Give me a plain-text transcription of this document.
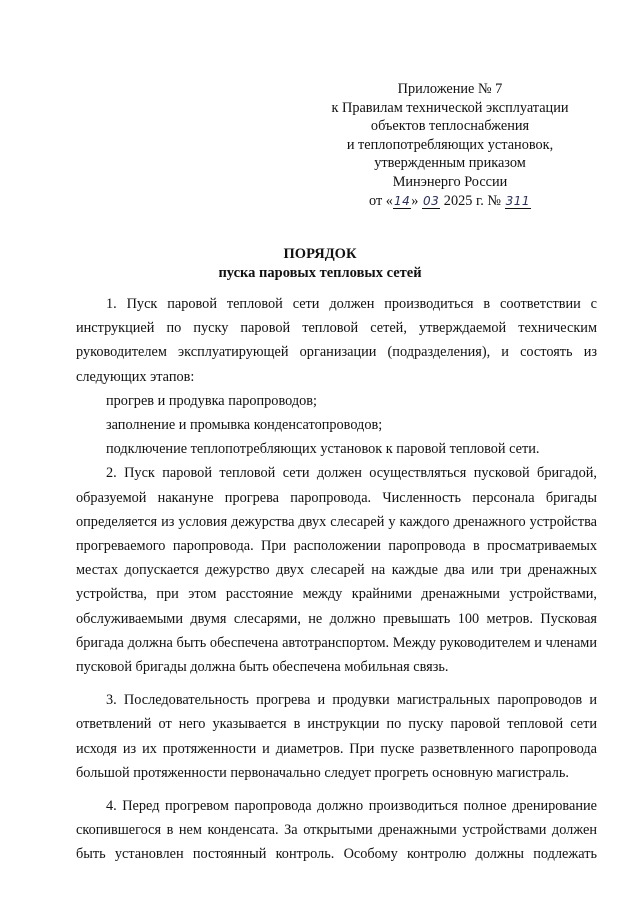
Приложение № 7
к Правилам технической эксплуатации
объектов теплоснабжения
и теплопотребляющих установок,
утвержденным приказом
Минэнерго России
от «14» 03 2025 г. № 311
ПОРЯДОК
пуска паровых тепловых сетей

1. Пуск паровой тепловой сети должен производиться в соответствии с инструкцией по пуску паровой тепловой сетей, утверждаемой техническим руководителем эксплуатирующей организации (подразделения), и состоять из следующих этапов:

прогрев и продувка паропроводов;

заполнение и промывка конденсатопроводов;

подключение теплопотребляющих установок к паровой тепловой сети.

2. Пуск паровой тепловой сети должен осуществляться пусковой бригадой, образуемой накануне прогрева паропровода. Численность персонала бригады определяется из условия дежурства двух слесарей у каждого дренажного устройства прогреваемого паропровода. При расположении паропровода в просматриваемых местах допускается дежурство двух слесарей на каждые два или три дренажных устройства, при этом расстояние между крайними дренажными устройствами, обслуживаемыми двумя слесарями, не должно превышать 100 метров. Пусковая бригада должна быть обеспечена автотранспортом. Между руководителем и членами пусковой бригады должна быть обеспечена мобильная связь.

3. Последовательность прогрева и продувки магистральных паропроводов и ответвлений от него указывается в инструкции по пуску паровой тепловой сети исходя из их протяженности и диаметров. При пуске разветвленного паропровода большой протяженности первоначально следует прогреть основную магистраль.

4. Перед прогревом паропровода должно производиться полное дренирование скопившегося в нем конденсата. За открытыми дренажными устройствами должен быть установлен постоянный контроль. Особому контролю должны подлежать
